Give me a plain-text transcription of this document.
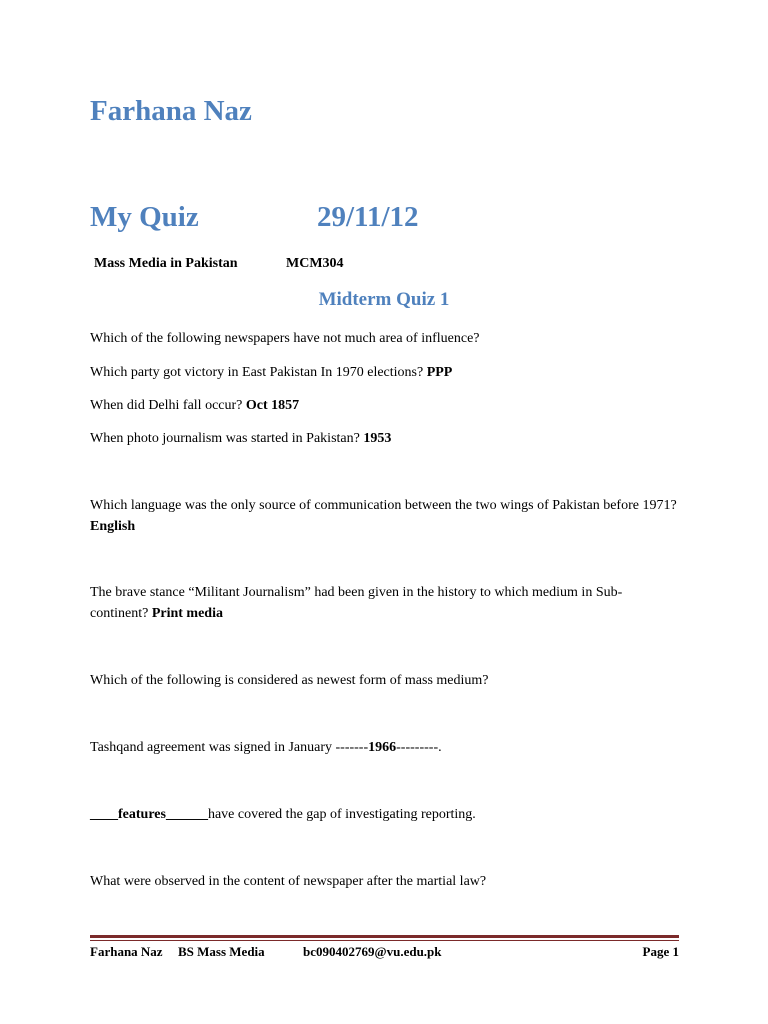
Farhana Naz
My Quiz	29/11/12
Mass Media in Pakistan	MCM304
Midterm Quiz 1

Which of the following newspapers have not much area of influence?

Which party got victory in East Pakistan In 1970 elections? PPP

When did Delhi fall occur? Oct 1857

When photo journalism was started in Pakistan? 1953

Which language was the only source of communication between the two wings of Pakistan before 1971? English

The brave stance “Militant Journalism” had been given in the history to which medium in Sub-continent? Print media

Which of the following is considered as newest form of mass medium?

Tashqand agreement was signed in January -------1966---------.

____features______have covered the gap of investigating reporting.

What were observed in the content of newspaper after the martial law?

Farhana Naz BS Mass Media	bc090402769@vu.edu.pk	Page 1
